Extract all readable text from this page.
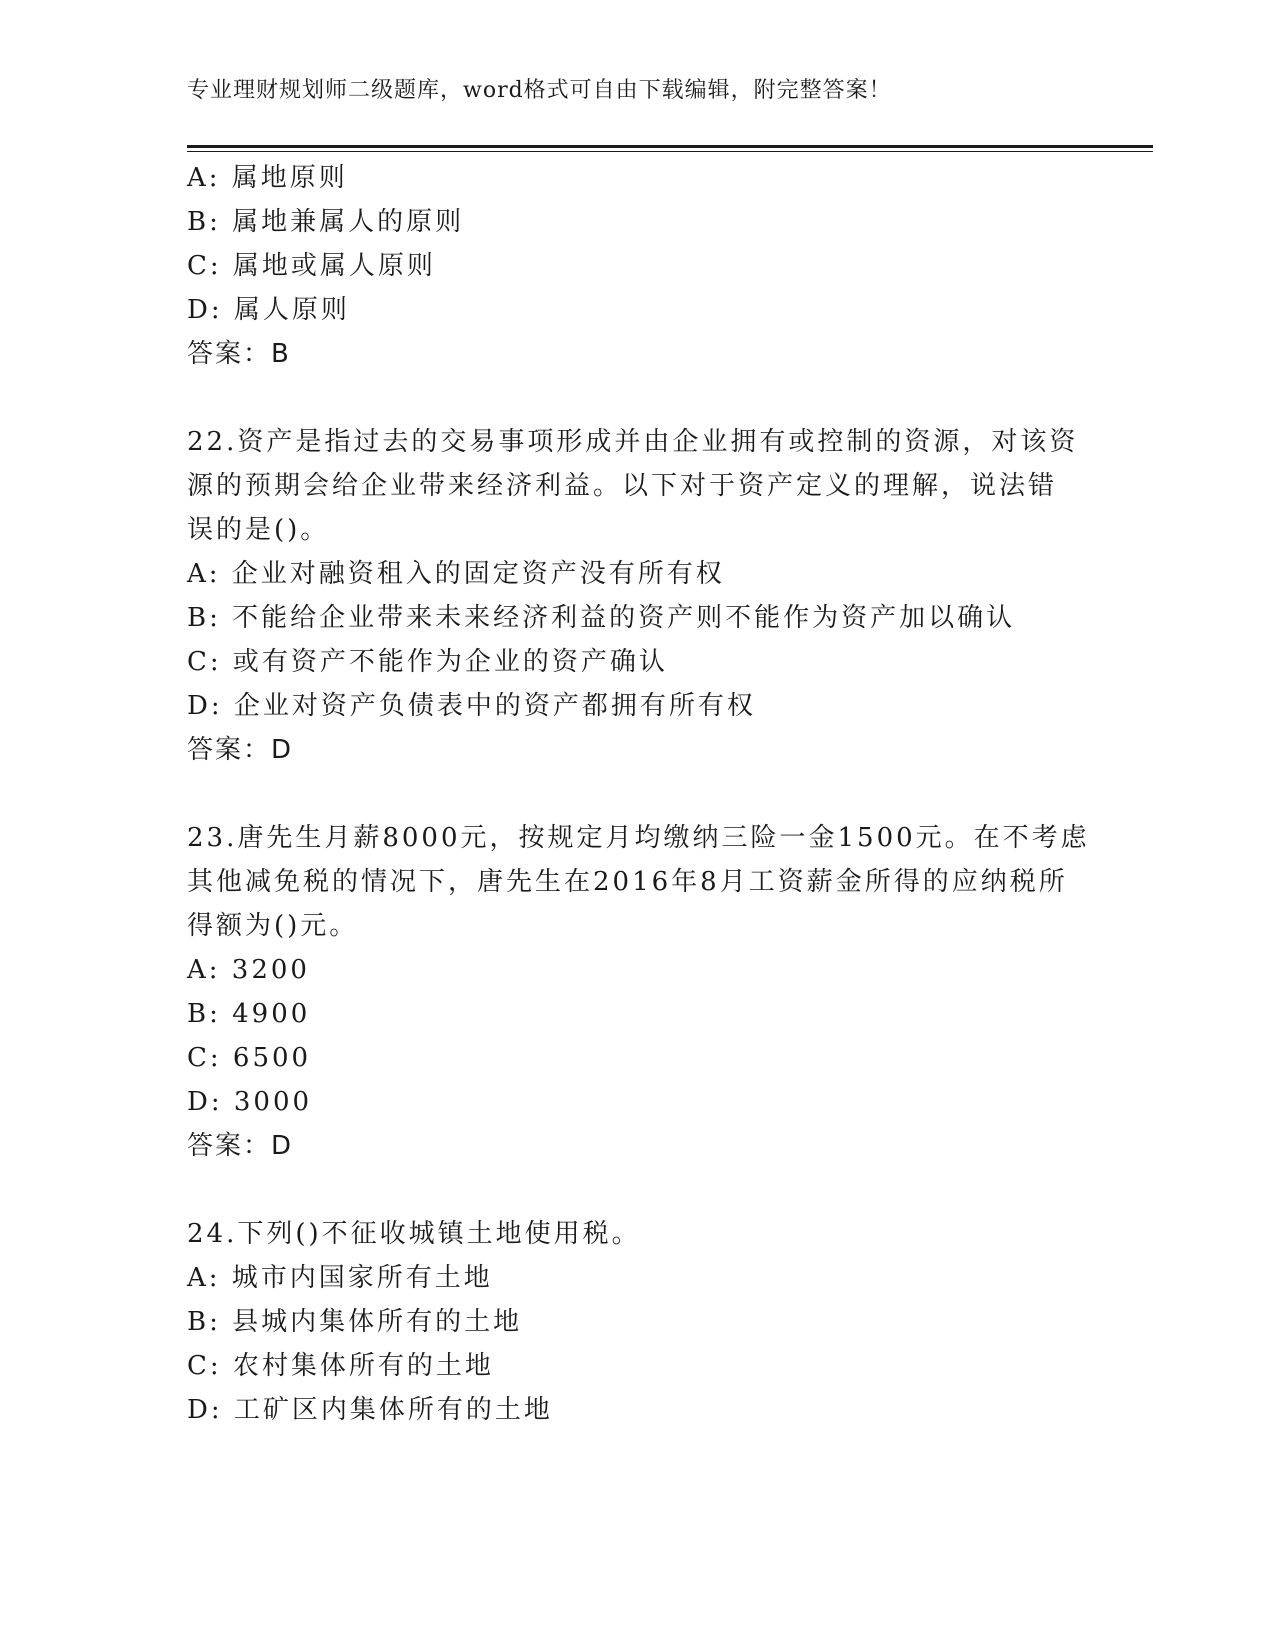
专业理财规划师二级题库，word格式可自由下载编辑，附完整答案！
A: 属地原则
B: 属地兼属人的原则
C: 属地或属人原则
D: 属人原则
答案：B
22.资产是指过去的交易事项形成并由企业拥有或控制的资源，对该资
源的预期会给企业带来经济利益。以下对于资产定义的理解，说法错
误的是()。
A: 企业对融资租入的固定资产没有所有权
B: 不能给企业带来未来经济利益的资产则不能作为资产加以确认
C: 或有资产不能作为企业的资产确认
D: 企业对资产负债表中的资产都拥有所有权
答案：D
23.唐先生月薪8000元，按规定月均缴纳三险一金1500元。在不考虑
其他减免税的情况下，唐先生在2016年8月工资薪金所得的应纳税所
得额为()元。
A: 3200
B: 4900
C: 6500
D: 3000
答案：D
24.下列()不征收城镇土地使用税。
A: 城市内国家所有土地
B: 县城内集体所有的土地
C: 农村集体所有的土地
D: 工矿区内集体所有的土地
